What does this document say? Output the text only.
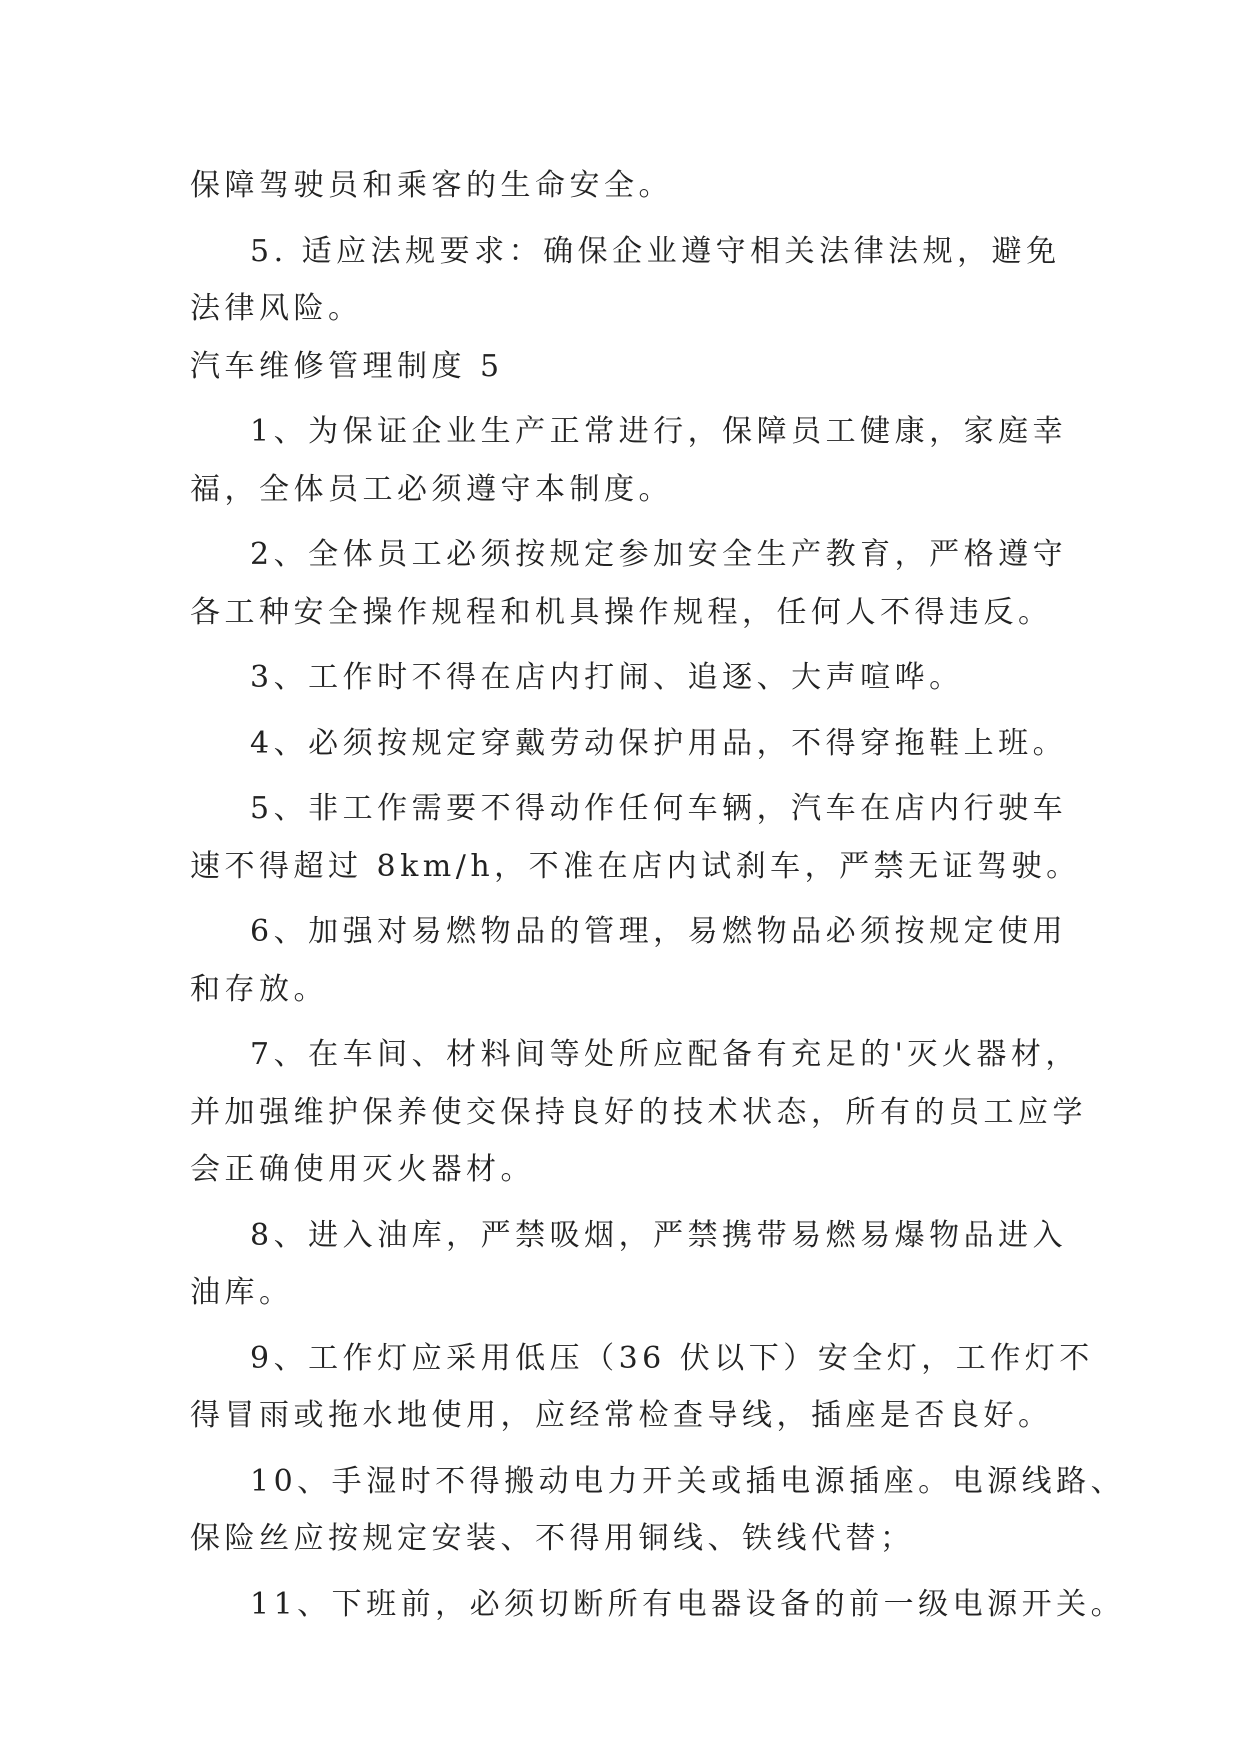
保障驾驶员和乘客的生命安全。

5. 适应法规要求：确保企业遵守相关法律法规，避免

法律风险。

汽车维修管理制度 5

1、为保证企业生产正常进行，保障员工健康，家庭幸

福，全体员工必须遵守本制度。

2、全体员工必须按规定参加安全生产教育，严格遵守

各工种安全操作规程和机具操作规程，任何人不得违反。

3、工作时不得在店内打闹、追逐、大声喧哗。

4、必须按规定穿戴劳动保护用品，不得穿拖鞋上班。

5、非工作需要不得动作任何车辆，汽车在店内行驶车

速不得超过 8km/h，不准在店内试刹车，严禁无证驾驶。

6、加强对易燃物品的管理，易燃物品必须按规定使用

和存放。

7、在车间、材料间等处所应配备有充足的'灭火器材，

并加强维护保养使交保持良好的技术状态，所有的员工应学

会正确使用灭火器材。

8、进入油库，严禁吸烟，严禁携带易燃易爆物品进入

油库。

9、工作灯应采用低压（36 伏以下）安全灯，工作灯不

得冒雨或拖水地使用，应经常检查导线，插座是否良好。

10、手湿时不得搬动电力开关或插电源插座。电源线路、

保险丝应按规定安装、不得用铜线、铁线代替；

11、下班前，必须切断所有电器设备的前一级电源开关。
